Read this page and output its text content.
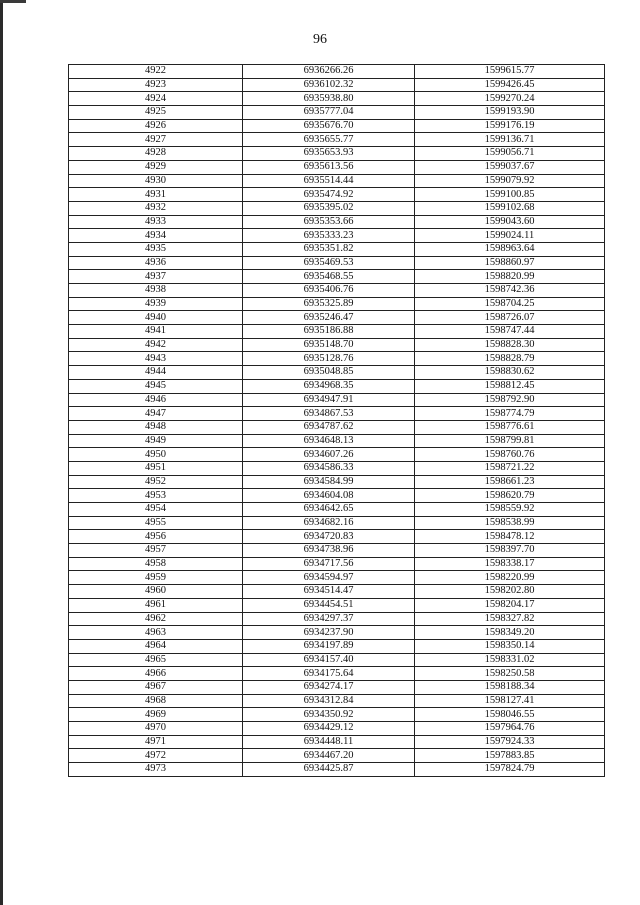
96
4922	6936266.26	1599615.77
4923	6936102.32	1599426.45
4924	6935938.80	1599270.24
4925	6935777.04	1599193.90
4926	6935676.70	1599176.19
4927	6935655.77	1599136.71
4928	6935653.93	1599056.71
4929	6935613.56	1599037.67
4930	6935514.44	1599079.92
4931	6935474.92	1599100.85
4932	6935395.02	1599102.68
4933	6935353.66	1599043.60
4934	6935333.23	1599024.11
4935	6935351.82	1598963.64
4936	6935469.53	1598860.97
4937	6935468.55	1598820.99
4938	6935406.76	1598742.36
4939	6935325.89	1598704.25
4940	6935246.47	1598726.07
4941	6935186.88	1598747.44
4942	6935148.70	1598828.30
4943	6935128.76	1598828.79
4944	6935048.85	1598830.62
4945	6934968.35	1598812.45
4946	6934947.91	1598792.90
4947	6934867.53	1598774.79
4948	6934787.62	1598776.61
4949	6934648.13	1598799.81
4950	6934607.26	1598760.76
4951	6934586.33	1598721.22
4952	6934584.99	1598661.23
4953	6934604.08	1598620.79
4954	6934642.65	1598559.92
4955	6934682.16	1598538.99
4956	6934720.83	1598478.12
4957	6934738.96	1598397.70
4958	6934717.56	1598338.17
4959	6934594.97	1598220.99
4960	6934514.47	1598202.80
4961	6934454.51	1598204.17
4962	6934297.37	1598327.82
4963	6934237.90	1598349.20
4964	6934197.89	1598350.14
4965	6934157.40	1598331.02
4966	6934175.64	1598250.58
4967	6934274.17	1598188.34
4968	6934312.84	1598127.41
4969	6934350.92	1598046.55
4970	6934429.12	1597964.76
4971	6934448.11	1597924.33
4972	6934467.20	1597883.85
4973	6934425.87	1597824.79
